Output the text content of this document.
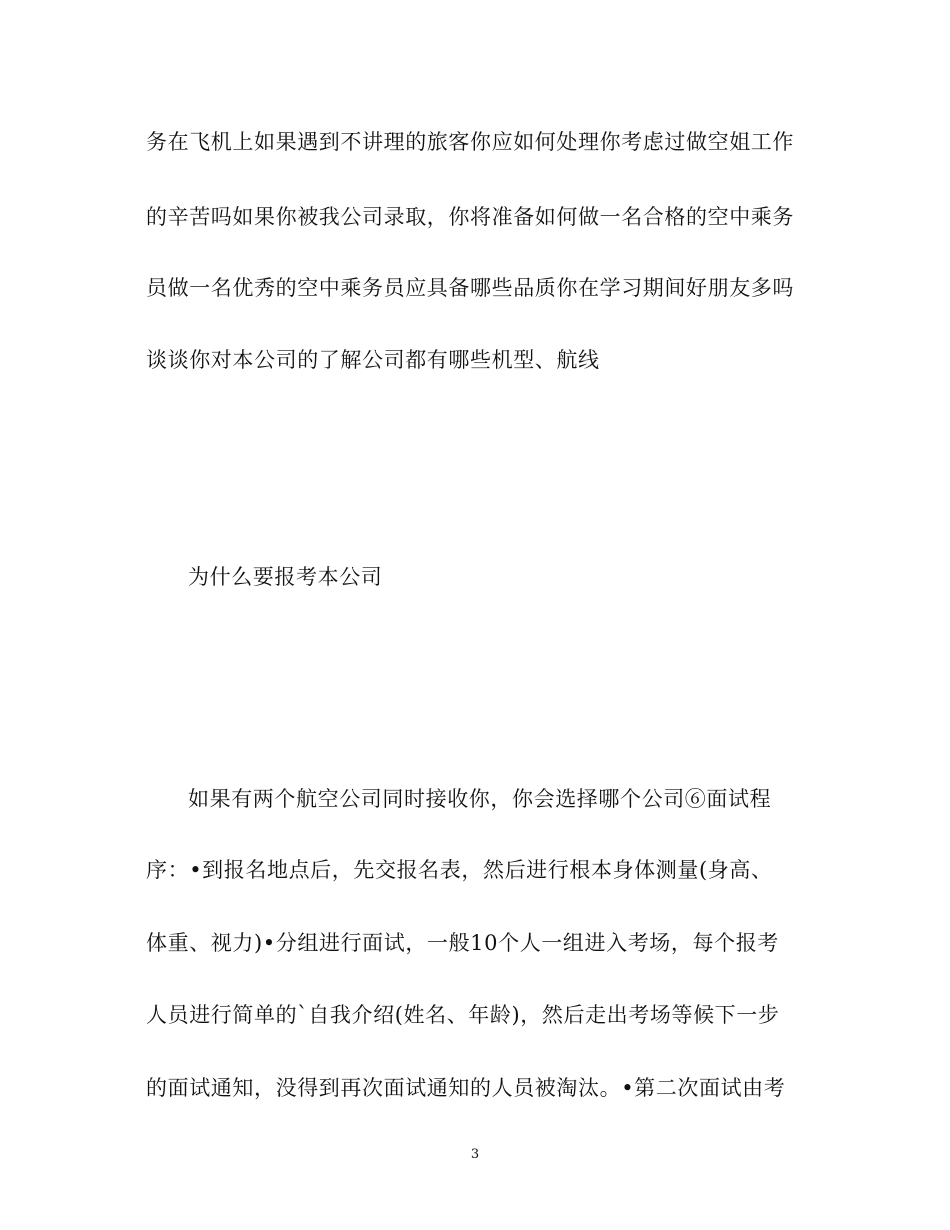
务在飞机上如果遇到不讲理的旅客你应如何处理你考虑过做空姐工作
的辛苦吗如果你被我公司录取，你将准备如何做一名合格的空中乘务
员做一名优秀的空中乘务员应具备哪些品质你在学习期间好朋友多吗
谈谈你对本公司的了解公司都有哪些机型、航线
为什么要报考本公司
如果有两个航空公司同时接收你，你会选择哪个公司⑥面试程
序：•到报名地点后，先交报名表，然后进行根本身体测量(身高、
体重、视力)•分组进行面试，一般10个人一组进入考场，每个报考
人员进行简单的`自我介绍(姓名、年龄)，然后走出考场等候下一步
的面试通知，没得到再次面试通知的人员被淘汰。•第二次面试由考
3
